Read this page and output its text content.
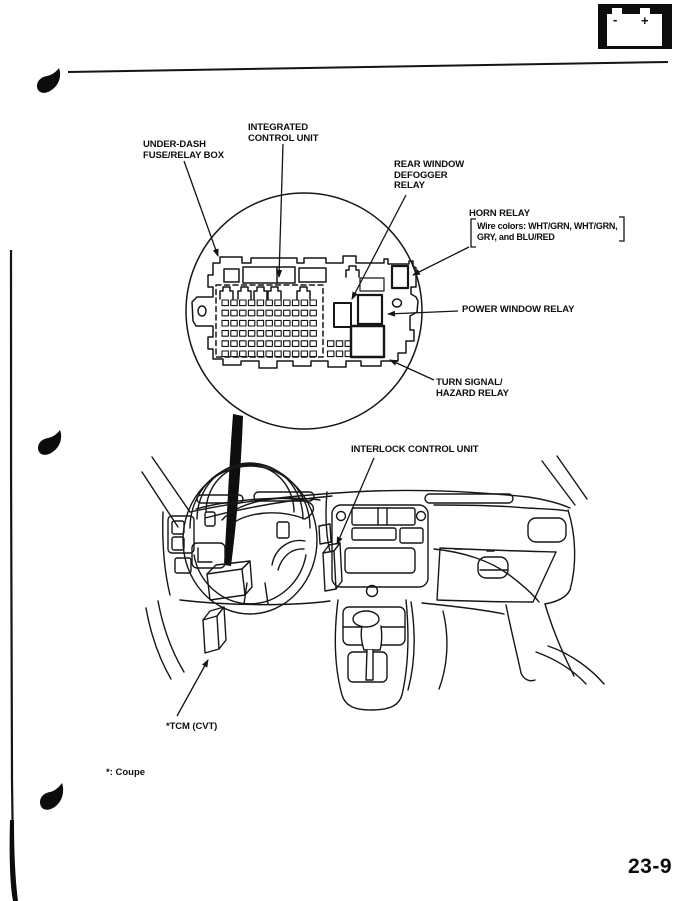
- +
UNDER-DASH
FUSE/RELAY BOX
INTEGRATED
CONTROL UNIT
REAR WINDOW
DEFOGGER
RELAY
HORN RELAY
Wire colors: WHT/GRN, WHT/GRN,
GRY, and BLU/RED
POWER WINDOW RELAY
TURN SIGNAL/
HAZARD RELAY
INTERLOCK CONTROL UNIT
*TCM (CVT)
*: Coupe
23-9
